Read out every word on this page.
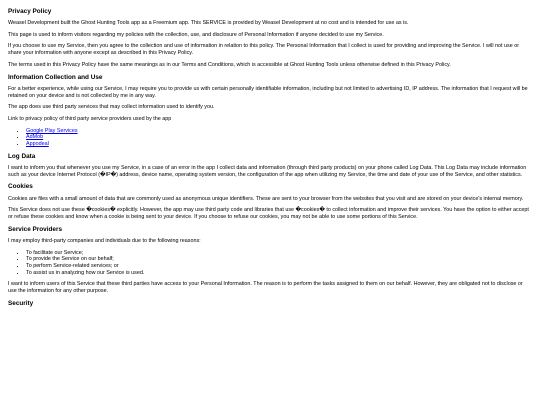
Privacy Policy

Weasel Development built the Ghost Hunting Tools app as a Freemium app. This SERVICE is provided by Weasel Development at no cost and is intended for use as is.

This page is used to inform visitors regarding my policies with the collection, use, and disclosure of Personal Information if anyone decided to use my Service.

If you choose to use my Service, then you agree to the collection and use of information in relation to this policy. The Personal Information that I collect is used for providing and improving the Service. I will not use or share your information with anyone except as described in this Privacy Policy.

The terms used in this Privacy Policy have the same meanings as in our Terms and Conditions, which is accessible at Ghost Hunting Tools unless otherwise defined in this Privacy Policy.

Information Collection and Use

For a better experience, while using our Service, I may require you to provide us with certain personally identifiable information, including but not limited to advertising ID, IP address. The information that I request will be retained on your device and is not collected by me in any way.

The app does use third party services that may collect information used to identify you.

Link to privacy policy of third party service providers used by the app

• Google Play Services
• AdMob
• Appodeal
Log Data

I want to inform you that whenever you use my Service, in a case of an error in the app I collect data and information (through third party products) on your phone called Log Data. This Log Data may include information such as your device Internet Protocol (�IP�) address, device name, operating system version, the configuration of the app when utilizing my Service, the time and date of your use of the Service, and other statistics.

Cookies

Cookies are files with a small amount of data that are commonly used as anonymous unique identifiers. These are sent to your browser from the websites that you visit and are stored on your device's internal memory.

This Service does not use these �cookies� explicitly. However, the app may use third party code and libraries that use �cookies� to collect information and improve their services. You have the option to either accept or refuse these cookies and know when a cookie is being sent to your device. If you choose to refuse our cookies, you may not be able to use some portions of this Service.

Service Providers

I may employ third-party companies and individuals due to the following reasons:

• To facilitate our Service;
• To provide the Service on our behalf;
• To perform Service-related services; or
• To assist us in analyzing how our Service is used.

I want to inform users of this Service that these third parties have access to your Personal Information. The reason is to perform the tasks assigned to them on our behalf. However, they are obligated not to disclose or use the information for any other purpose.

Security
